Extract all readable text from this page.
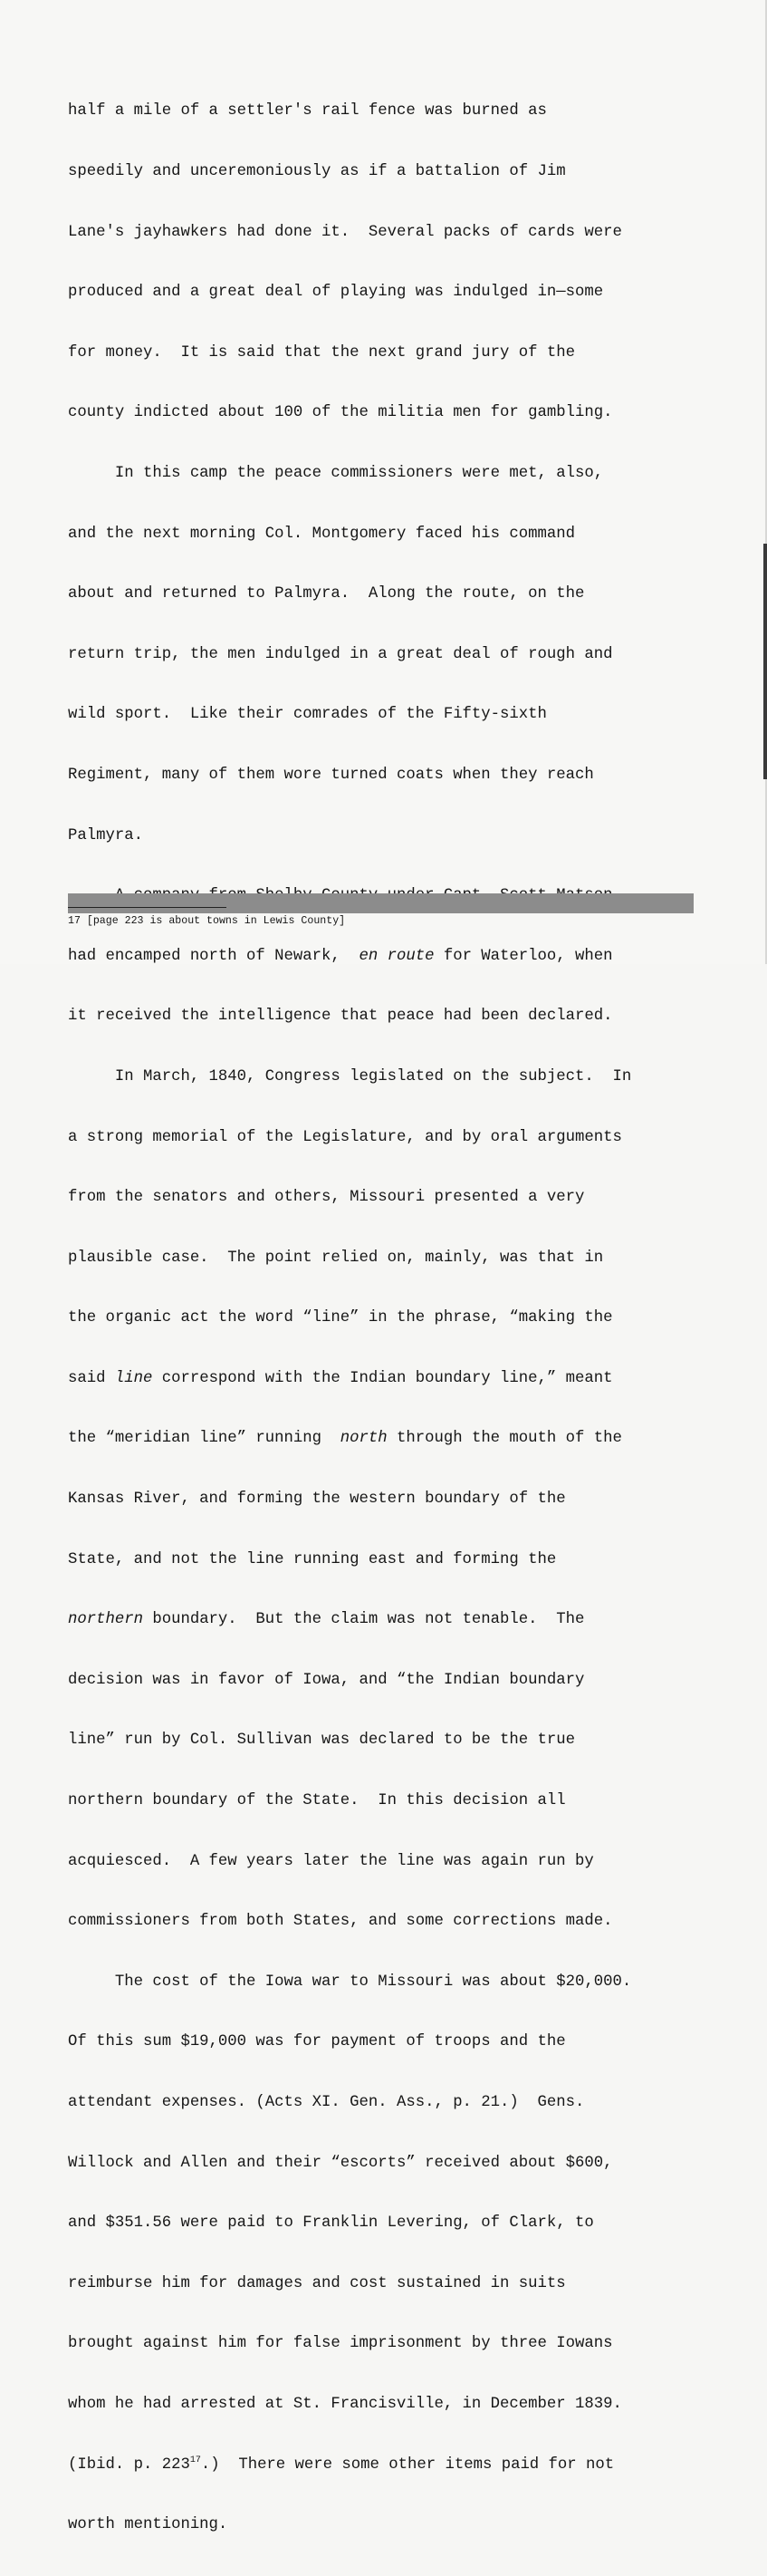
half a mile of a settler's rail fence was burned as

speedily and unceremoniously as if a battalion of Jim

Lane's jayhawkers had done it.  Several packs of cards were

produced and a great deal of playing was indulged in—some

for money.  It is said that the next grand jury of the

county indicted about 100 of the militia men for gambling.

In this camp the peace commissioners were met, also,

and the next morning Col. Montgomery faced his command

about and returned to Palmyra.  Along the route, on the

return trip, the men indulged in a great deal of rough and

wild sport.  Like their comrades of the Fifty-sixth

Regiment, many of them wore turned coats when they reach

Palmyra.

had encamped north of Newark,  en route for Waterloo, when

it received the intelligence that peace had been declared.

In March, 1840, Congress legislated on the subject.  In

a strong memorial of the Legislature, and by oral arguments

from the senators and others, Missouri presented a very

plausible case.  The point relied on, mainly, was that in

the organic act the word “line” in the phrase, “making the

said line correspond with the Indian boundary line,” meant

the “meridian line” running  north through the mouth of the

Kansas River, and forming the western boundary of the

State, and not the line running east and forming the

northern boundary.  But the claim was not tenable.  The

decision was in favor of Iowa, and “the Indian boundary

line” run by Col. Sullivan was declared to be the true

northern boundary of the State.  In this decision all

acquiesced.  A few years later the line was again run by

commissioners from both States, and some corrections made.

The cost of the Iowa war to Missouri was about $20,000.

Of this sum $19,000 was for payment of troops and the

attendant expenses. (Acts XI. Gen. Ass., p. 21.)  Gens.

Willock and Allen and their “escorts” received about $600,

and $351.56 were paid to Franklin Levering, of Clark, to

reimburse him for damages and cost sustained in suits

brought against him for false imprisonment by three Iowans

whom he had arrested at St. Francisville, in December 1839.

(Ibid. p. $223^{17}$.)  There were some other items paid for not

worth mentioning.

17 [page 223 is about towns in Lewis County]
